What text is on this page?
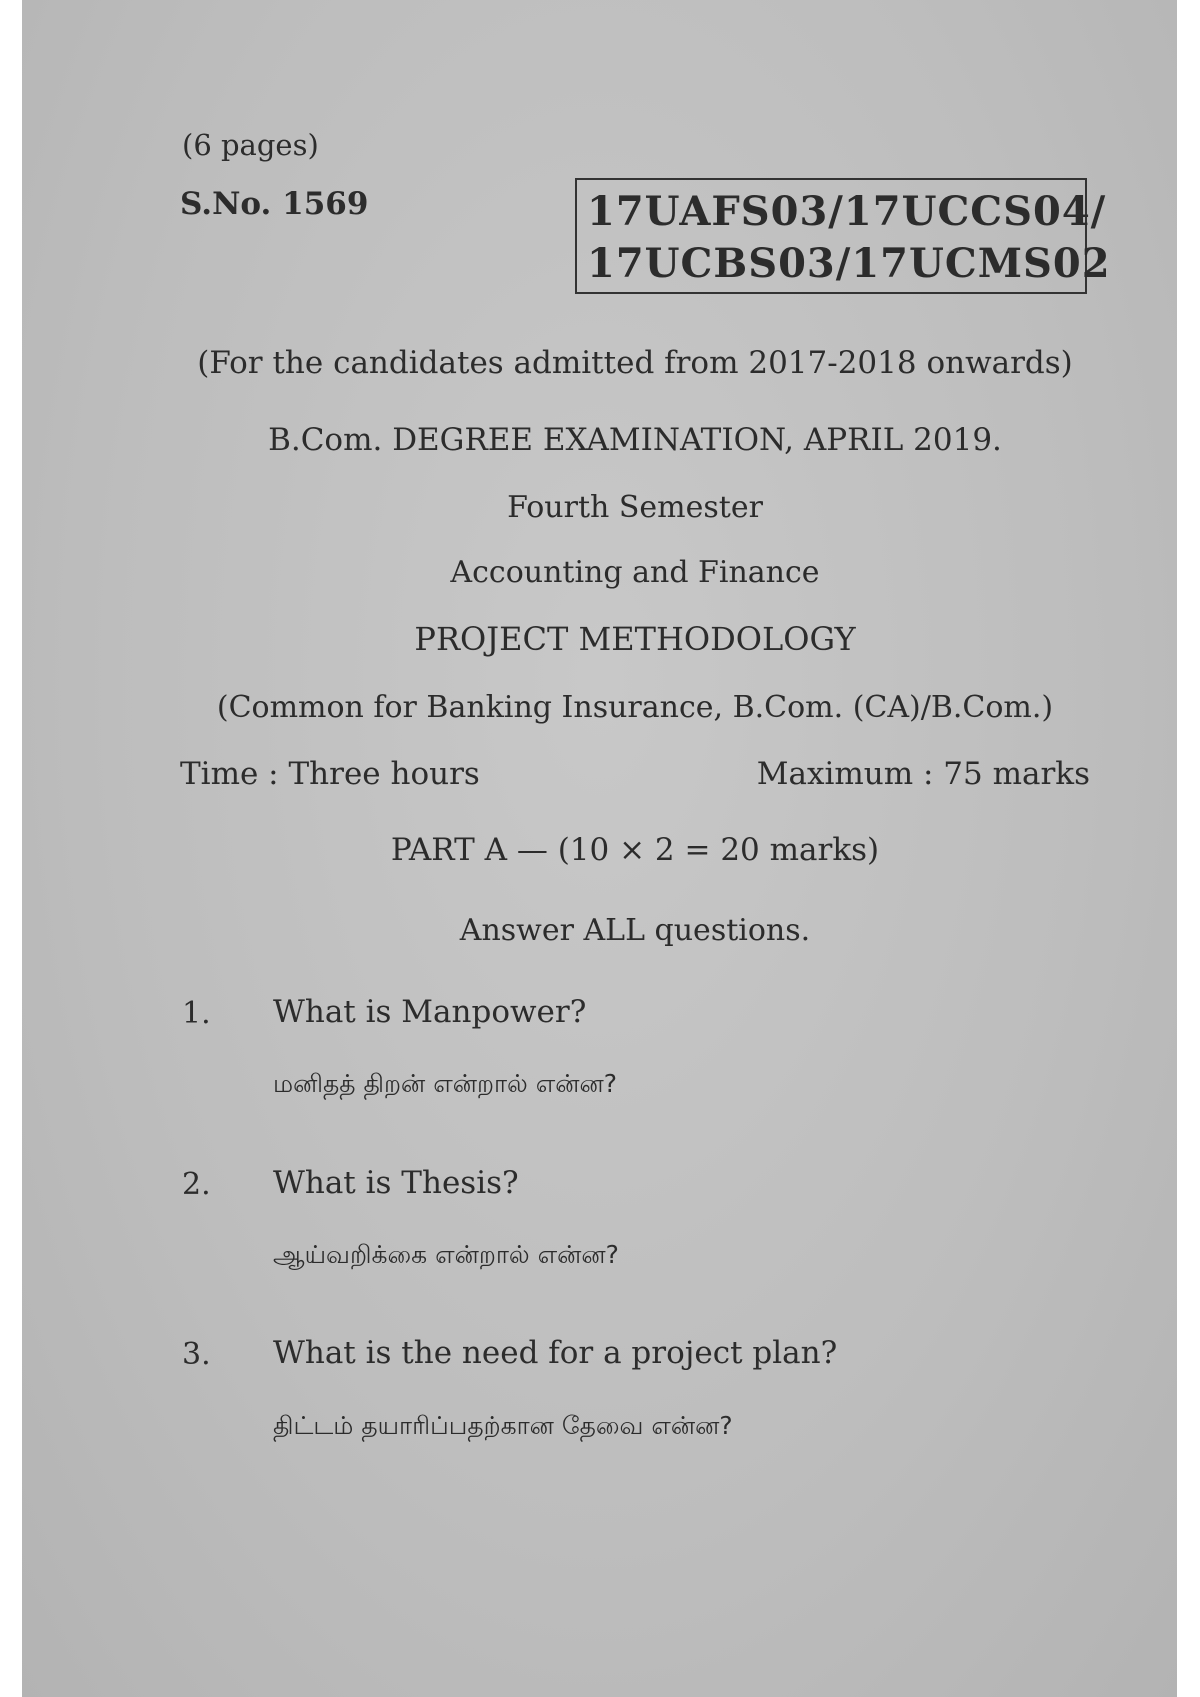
(6 pages)
S.No. 1569	17UAFS03/17UCCS04/
17UCBS03/17UCMS02
(For the candidates admitted from 2017-2018 onwards)
B.Com. DEGREE EXAMINATION, APRIL 2019.
Fourth Semester
Accounting and Finance
PROJECT METHODOLOGY
(Common for Banking Insurance, B.Com. (CA)/B.Com.)
Time : Three hours	Maximum : 75 marks
PART A — (10 × 2 = 20 marks)
Answer ALL questions.
1. What is Manpower?
மனிதத் திறன் என்றால் என்ன?
2. What is Thesis?
ஆய்வறிக்கை என்றால் என்ன?
3. What is the need for a project plan?
திட்டம் தயாரிப்பதற்கான தேவை என்ன?
